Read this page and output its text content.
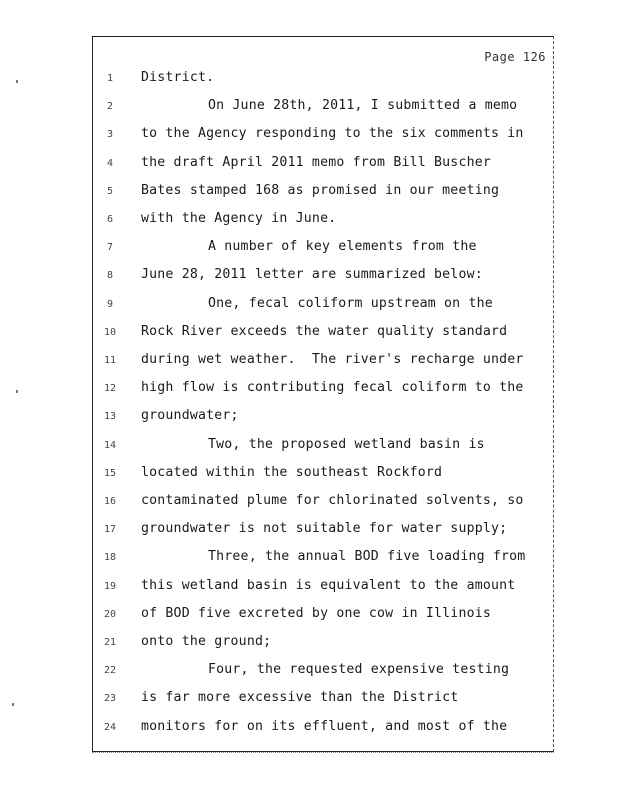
Page 126
1	District.
2	On June 28th, 2011, I submitted a memo
3	to the Agency responding to the six comments in
4	the draft April 2011 memo from Bill Buscher
5	Bates stamped 168 as promised in our meeting
6	with the Agency in June.
7	A number of key elements from the
8	June 28, 2011 letter are summarized below:
9	One, fecal coliform upstream on the
10	Rock River exceeds the water quality standard
11	during wet weather.  The river's recharge under
12	high flow is contributing fecal coliform to the
13	groundwater;
14	Two, the proposed wetland basin is
15	located within the southeast Rockford
16	contaminated plume for chlorinated solvents, so
17	groundwater is not suitable for water supply;
18	Three, the annual BOD five loading from
19	this wetland basin is equivalent to the amount
20	of BOD five excreted by one cow in Illinois
21	onto the ground;
22	Four, the requested expensive testing
23	is far more excessive than the District
24	monitors for on its effluent, and most of the
